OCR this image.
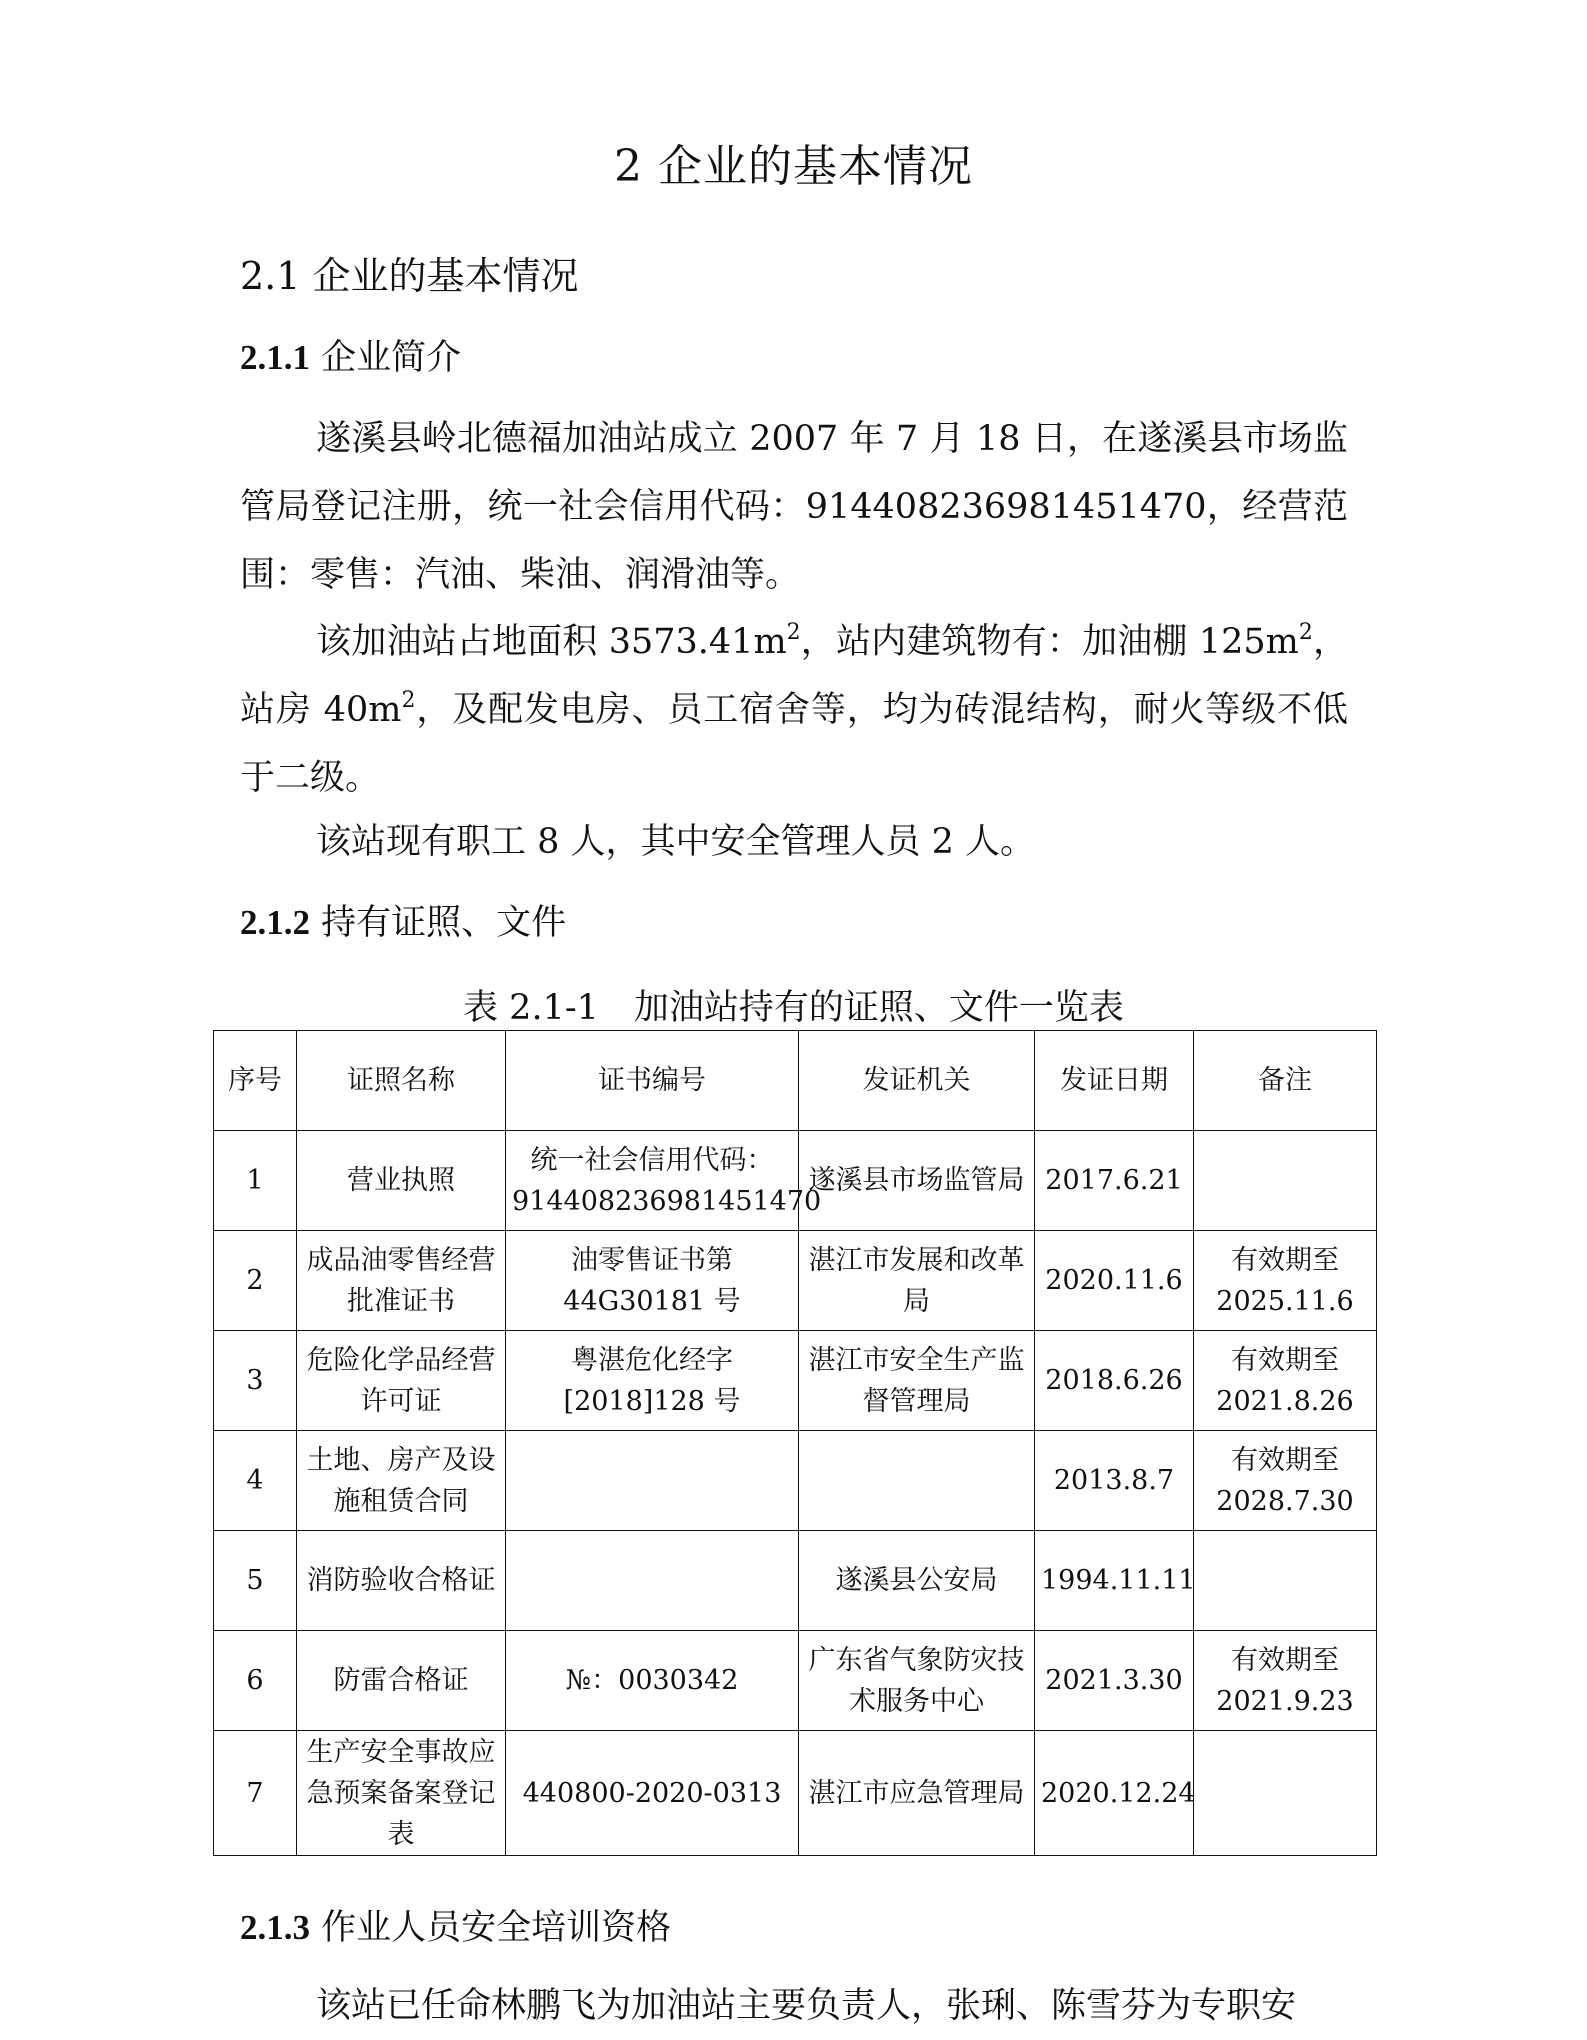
2 企业的基本情况
2.1 企业的基本情况
2.1.1 企业简介
遂溪县岭北德福加油站成立 2007 年 7 月 18 日，在遂溪县市场监管局登记注册，统一社会信用代码：914408236981451470，经营范围：零售：汽油、柴油、润滑油等。
该加油站占地面积 $3573.41m^2$，站内建筑物有：加油棚 $125m^2$，站房 $40m^2$，及配发电房、员工宿舍等，均为砖混结构，耐火等级不低于二级。
该站现有职工 8 人，其中安全管理人员 2 人。
2.1.2 持有证照、文件
表 2.1-1　加油站持有的证照、文件一览表
序号	证照名称	证书编号	发证机关	发证日期	备注
1	营业执照	统一社会信用代码：914408236981451470	遂溪县市场监管局	2017.6.21	
2	成品油零售经营批准证书	油零售证书第44G30181 号	湛江市发展和改革局	2020.11.6	有效期至2025.11.6
3	危险化学品经营许可证	粤湛危化经字[2018]128 号	湛江市安全生产监督管理局	2018.6.26	有效期至2021.8.26
4	土地、房产及设施租赁合同			2013.8.7	有效期至2028.7.30
5	消防验收合格证		遂溪县公安局	1994.11.11	
6	防雷合格证	№：0030342	广东省气象防灾技术服务中心	2021.3.30	有效期至2021.9.23
7	生产安全事故应急预案备案登记表	440800-2020-0313	湛江市应急管理局	2020.12.24	
2.1.3 作业人员安全培训资格
该站已任命林鹏飞为加油站主要负责人，张琍、陈雪芬为专职安
